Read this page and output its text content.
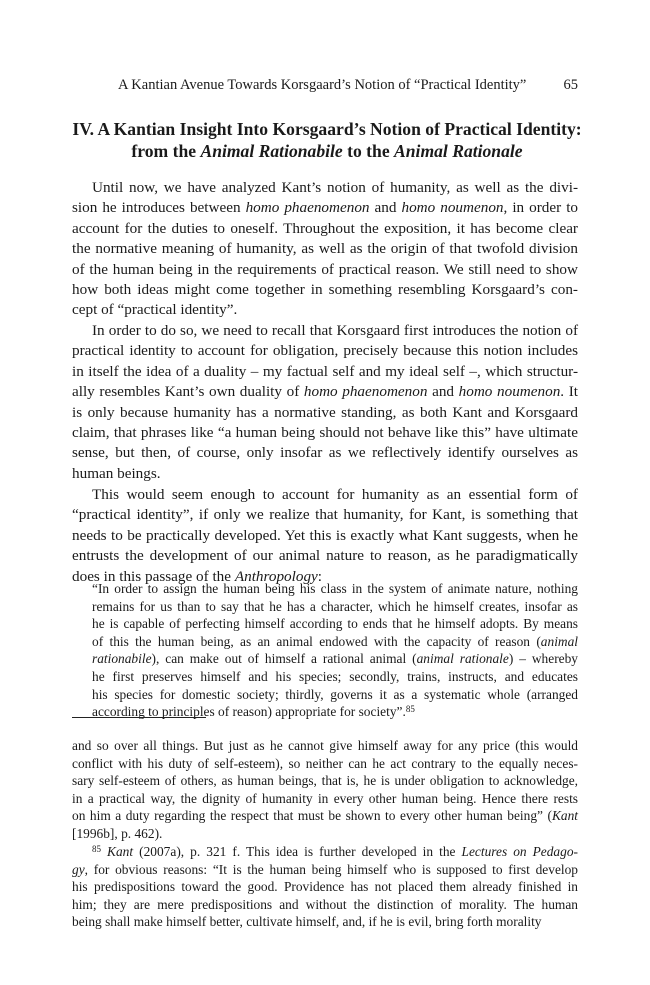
A Kantian Avenue Towards Korsgaard’s Notion of “Practical Identity”	65
IV. A Kantian Insight Into Korsgaard’s Notion of Practical Identity:
from the Animal Rationabile to the Animal Rationale
Until now, we have analyzed Kant’s notion of humanity, as well as the divi-
sion he introduces between homo phaenomenon and homo noumenon, in order to
account for the duties to oneself. Throughout the exposition, it has become clear
the normative meaning of humanity, as well as the origin of that twofold division
of the human being in the requirements of practical reason. We still need to show
how both ideas might come together in something resembling Korsgaard’s con-
cept of “practical identity”.
In order to do so, we need to recall that Korsgaard first introduces the notion of
practical identity to account for obligation, precisely because this notion includes
in itself the idea of a duality – my factual self and my ideal self –, which structur-
ally resembles Kant’s own duality of homo phaenomenon and homo noumenon. It
is only because humanity has a normative standing, as both Kant and Korsgaard
claim, that phrases like “a human being should not behave like this” have ultimate
sense, but then, of course, only insofar as we reflectively identify ourselves as
human beings.
This would seem enough to account for humanity as an essential form of
“practical identity”, if only we realize that humanity, for Kant, is something that
needs to be practically developed. Yet this is exactly what Kant suggests, when he
entrusts the development of our animal nature to reason, as he paradigmatically
does in this passage of the Anthropology:
“In order to assign the human being his class in the system of animate nature, nothing
remains for us than to say that he has a character, which he himself creates, insofar as
he is capable of perfecting himself according to ends that he himself adopts. By means
of this the human being, as an animal endowed with the capacity of reason (animal
rationabile), can make out of himself a rational animal (animal rationale) – whereby
he first preserves himself and his species; secondly, trains, instructs, and educates
his species for domestic society; thirdly, governs it as a systematic whole (arranged
according to principles of reason) appropriate for society”.$^{85}$
and so over all things. But just as he cannot give himself away for any price (this would
conflict with his duty of self-esteem), so neither can he act contrary to the equally neces-
sary self-esteem of others, as human beings, that is, he is under obligation to acknowledge,
in a practical way, the dignity of humanity in every other human being. Hence there rests
on him a duty regarding the respect that must be shown to every other human being” (Kant
[1996b], p. 462).
$^{85}$ Kant (2007a), p. 321 f. This idea is further developed in the Lectures on Pedago-
gy, for obvious reasons: “It is the human being himself who is supposed to first develop
his predispositions toward the good. Providence has not placed them already finished in
him; they are mere predispositions and without the distinction of morality. The human
being shall make himself better, cultivate himself, and, if he is evil, bring forth morality
